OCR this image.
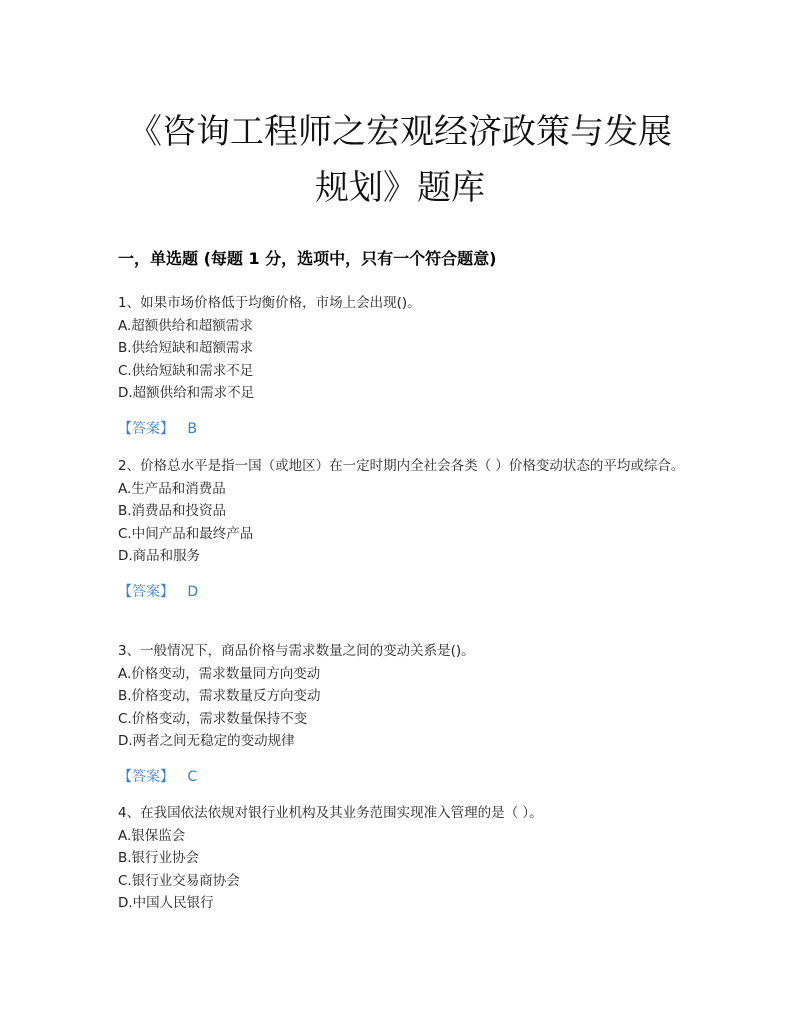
《咨询工程师之宏观经济政策与发展
规划》题库
一，单选题 (每题 1 分，选项中，只有一个符合题意)
1、如果市场价格低于均衡价格，市场上会出现()。
A.超额供给和超额需求
B.供给短缺和超额需求
C.供给短缺和需求不足
D.超额供给和需求不足
【答案】 B
2、价格总水平是指一国（或地区）在一定时期内全社会各类（ ）价格变动状态的平均或综合。
A.生产品和消费品
B.消费品和投资品
C.中间产品和最终产品
D.商品和服务
【答案】 D
3、一般情况下，商品价格与需求数量之间的变动关系是()。
A.价格变动，需求数量同方向变动
B.价格变动，需求数量反方向变动
C.价格变动，需求数量保持不变
D.两者之间无稳定的变动规律
【答案】 C
4、在我国依法依规对银行业机构及其业务范围实现准入管理的是（ ）。
A.银保监会
B.银行业协会
C.银行业交易商协会
D.中国人民银行
